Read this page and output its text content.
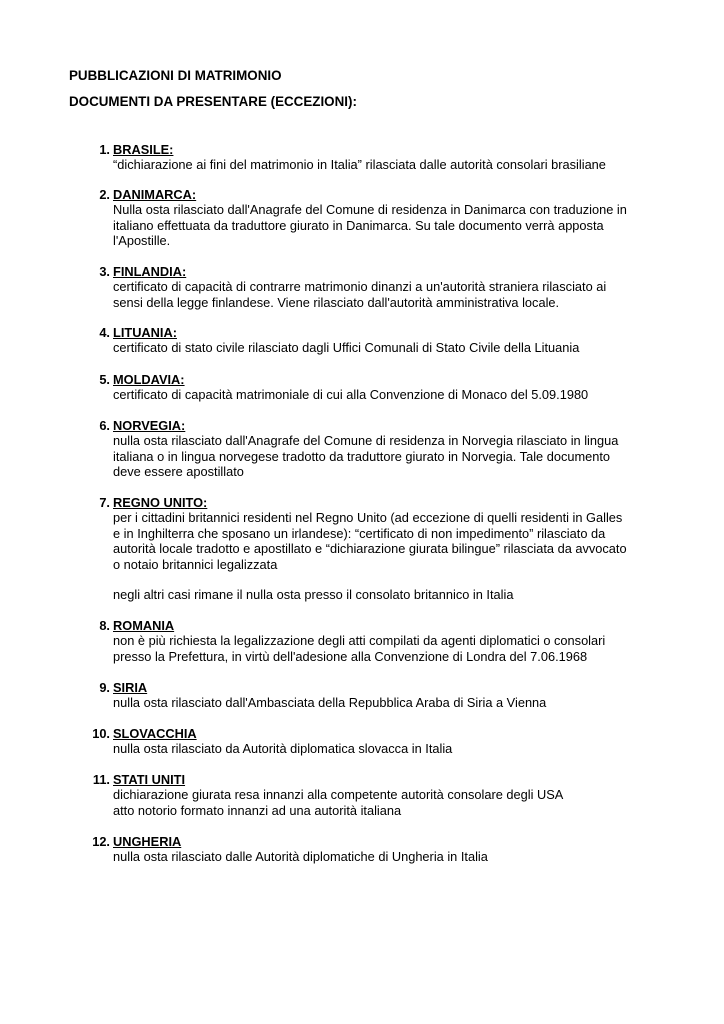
PUBBLICAZIONI DI MATRIMONIO
DOCUMENTI DA PRESENTARE (ECCEZIONI):
1. BRASILE:
“dichiarazione ai fini del matrimonio in Italia” rilasciata dalle autorità consolari brasiliane
2. DANIMARCA:
Nulla osta rilasciato dall'Anagrafe del Comune di residenza in Danimarca con traduzione in
italiano effettuata da traduttore giurato in Danimarca. Su tale documento verrà apposta
l'Apostille.
3. FINLANDIA:
certificato di capacità di contrarre matrimonio dinanzi a un'autorità straniera rilasciato ai
sensi della legge finlandese. Viene rilasciato dall'autorità amministrativa locale.
4. LITUANIA:
certificato di stato civile rilasciato dagli Uffici Comunali di Stato Civile della Lituania
5. MOLDAVIA:
certificato di capacità matrimoniale di cui alla Convenzione di Monaco del 5.09.1980
6. NORVEGIA:
nulla osta rilasciato dall'Anagrafe del Comune di residenza in Norvegia rilasciato in lingua
italiana o in lingua norvegese tradotto da traduttore giurato in Norvegia. Tale documento
deve essere apostillato
7. REGNO UNITO:
per i cittadini britannici residenti nel Regno Unito (ad eccezione di quelli residenti in Galles
e in Inghilterra che sposano un irlandese): “certificato di non impedimento” rilasciato da
autorità locale tradotto e apostillato e “dichiarazione giurata bilingue” rilasciata da avvocato
o notaio britannici legalizzata
negli altri casi rimane il nulla osta presso il consolato britannico in Italia
8. ROMANIA
non è più richiesta la legalizzazione degli atti compilati da agenti diplomatici o consolari
presso la Prefettura, in virtù dell'adesione alla Convenzione di Londra del 7.06.1968
9. SIRIA
nulla osta rilasciato dall'Ambasciata della Repubblica Araba di Siria a Vienna
10. SLOVACCHIA
nulla osta rilasciato da Autorità diplomatica slovacca in Italia
11. STATI UNITI
dichiarazione giurata resa innanzi alla competente autorità consolare degli USA
atto notorio formato innanzi ad una autorità italiana
12. UNGHERIA
nulla osta rilasciato dalle Autorità diplomatiche di Ungheria in Italia
